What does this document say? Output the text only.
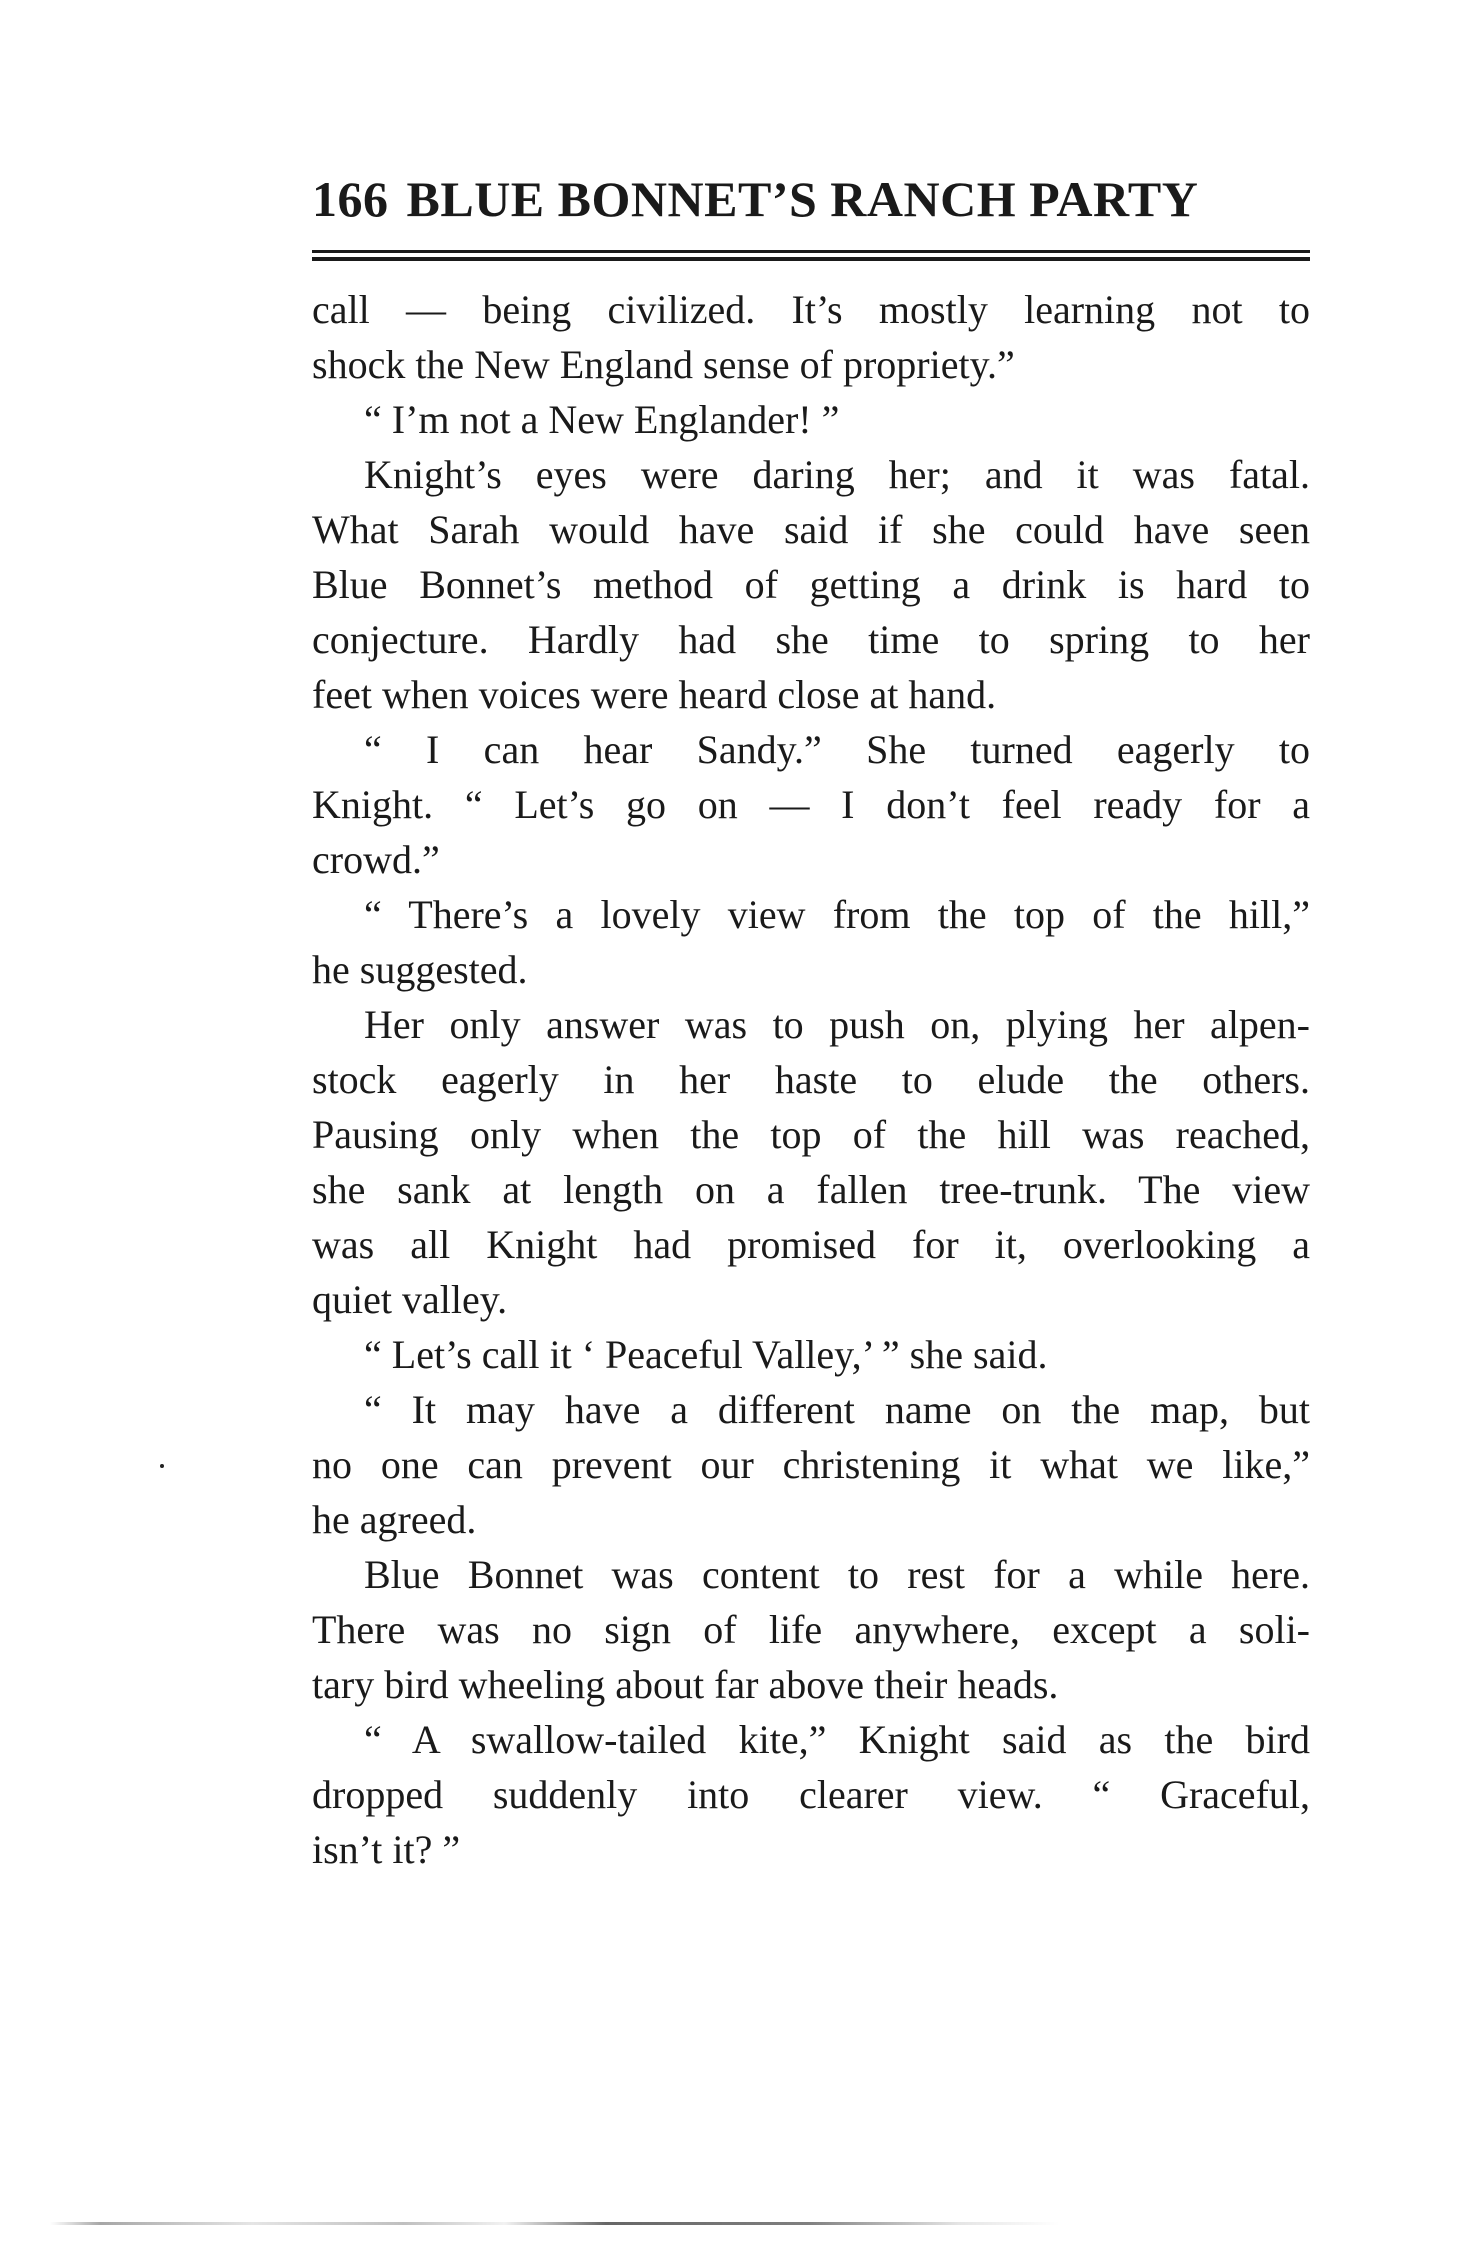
166 BLUE BONNET’S RANCH PARTY
call — being civilized. It’s mostly learning not to
shock the New England sense of propriety.”
“ I’m not a New Englander! ”
Knight’s eyes were daring her; and it was fatal.
What Sarah would have said if she could have seen
Blue Bonnet’s method of getting a drink is hard to
conjecture. Hardly had she time to spring to her
feet when voices were heard close at hand.
“ I can hear Sandy.” She turned eagerly to
Knight. “ Let’s go on — I don’t feel ready for a
crowd.”
“ There’s a lovely view from the top of the hill,”
he suggested.
Her only answer was to push on, plying her alpen-
stock eagerly in her haste to elude the others.
Pausing only when the top of the hill was reached,
she sank at length on a fallen tree-trunk. The view
was all Knight had promised for it, overlooking a
quiet valley.
“ Let’s call it ‘ Peaceful Valley,’ ” she said.
“ It may have a different name on the map, but
no one can prevent our christening it what we like,”
he agreed.
Blue Bonnet was content to rest for a while here.
There was no sign of life anywhere, except a soli-
tary bird wheeling about far above their heads.
“ A swallow-tailed kite,” Knight said as the bird
dropped suddenly into clearer view. “ Graceful,
isn’t it? ”
